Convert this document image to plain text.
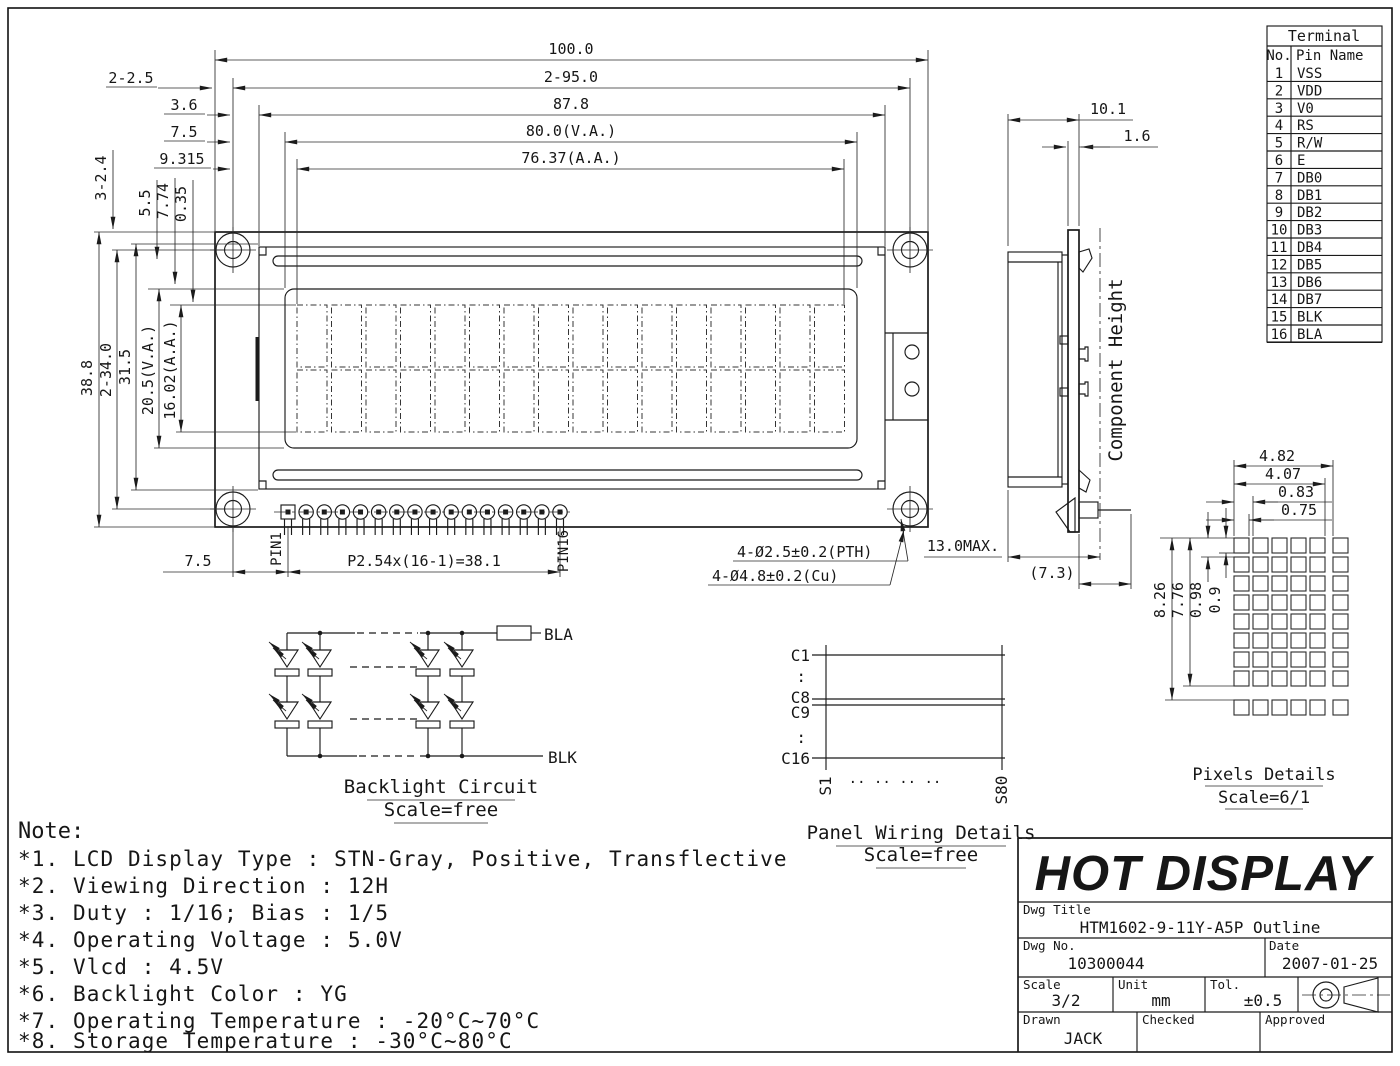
100.0
2-95.0
87.8
80.0(V.A.)
76.37(A.A.)
2-2.5
3.6
7.5
9.315
5.5 7.74 0.35
3-2.4
38.8 2-34.0 31.5 20.5(V.A.) 16.02(A.A.)
7.5	P2.54x(16-1)=38.1
PIN1	PIN16	4-Ø2.5±0.2(PTH)
4-Ø4.8±0.2(Cu)
Component Height
10.1
1.6
13.0MAX.
(7.3)
Terminal
No. Pin Name
1 VSS
2 VDD
3 V0
4 RS
5 R/W
6 E
7 DB0
8 DB1
9 DB2
10 DB3
11 DB4
12 DB5
13 DB6
14 DB7
15 BLK
16 BLA
4.82
4.07
0.83
0.75
8.26 7.76 0.98 0.9
Pixels Details
Scale=6/1
BLA
BLK
Backlight Circuit
Scale=free
C1
:
C8
C9
:
C16
S1 .. .. .. ..	S80
Panel Wiring Details
Scale=free
Note:
*1. LCD Display Type : STN-Gray, Positive, Transflective
*2. Viewing Direction : 12H
*3. Duty : 1/16; Bias : 1/5
*4. Operating Voltage : 5.0V
*5. Vlcd : 4.5V
*6. Backlight Color : YG
*7. Operating Temperature : -20°C~70°C
*8. Storage Temperature : -30°C~80°C
HOT DISPLAY
Dwg Title
HTM1602-9-11Y-A5P Outline
Dwg No.
10300044
Date
2007-01-25
Scale
3/2
Unit
mm
Tol.
±0.5
Drawn
JACK
Checked	Approved
